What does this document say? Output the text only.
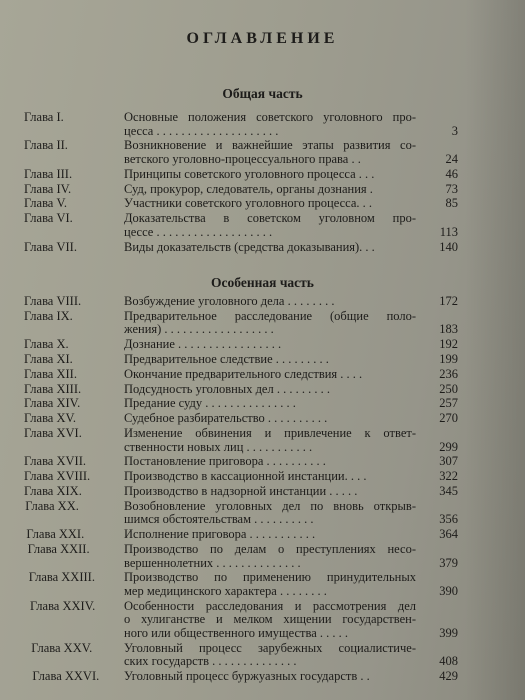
ОГЛАВЛЕНИЕ
Общая часть
Особенная часть
Глава I.	Основные положения советского уголовного про-
цесса . . . . . . . . . . . . . . . . . . . .	3
Глава II.	Возникновение и важнейшие этапы развития со-
ветского уголовно-процессуального права . .	24
Глава III.	Принципы советского уголовного процесса . . .	46
Глава IV.	Суд, прокурор, следователь, органы дознания .	73
Глава V.	Участники советского уголовного процесса. . .	85
Глава VI.	Доказательства в советском уголовном про-
цессе . . . . . . . . . . . . . . . . . . .	113
Глава VII.	Виды доказательств (средства доказывания). . .	140
Глава VIII.	Возбуждение уголовного дела . . . . . . . .	172
Глава IX.	Предварительное расследование (общие поло-
жения) . . . . . . . . . . . . . . . . . .	183
Глава X.	Дознание . . . . . . . . . . . . . . . . .	192
Глава XI.	Предварительное следствие . . . . . . . . .	199
Глава XII.	Окончание предварительного следствия . . . .	236
Глава XIII.	Подсудность уголовных дел . . . . . . . . .	250
Глава XIV.	Предание суду . . . . . . . . . . . . . . .	257
Глава XV.	Судебное разбирательство . . . . . . . . . .	270
Глава XVI.	Изменение обвинения и привлечение к ответ-
ственности новых лиц . . . . . . . . . . .	299
Глава XVII.	Постановление приговора . . . . . . . . . .	307
Глава XVIII.	Производство в кассационной инстанции. . . .	322
Глава XIX.	Производство в надзорной инстанции . . . . .	345
Глава XX.	Возобновление уголовных дел по вновь открыв-
шимся обстоятельствам . . . . . . . . . .	356
Глава XXI.	Исполнение приговора . . . . . . . . . . .	364
Глава XXII.	Производство по делам о преступлениях несо-
вершеннолетних . . . . . . . . . . . . . .	379
Глава XXIII. Производство по применению принудительных
мер медицинского характера . . . . . . . .	390
Глава XXIV. Особенности расследования и рассмотрения дел
о хулиганстве и мелком хищении государствен-
ного или общественного имущества . . . . .	399
Глава XXV.	Уголовный процесс зарубежных социалистиче-
ских государств . . . . . . . . . . . . . .	408
Глава XXVI. Уголовный процесс буржуазных государств . .	429
